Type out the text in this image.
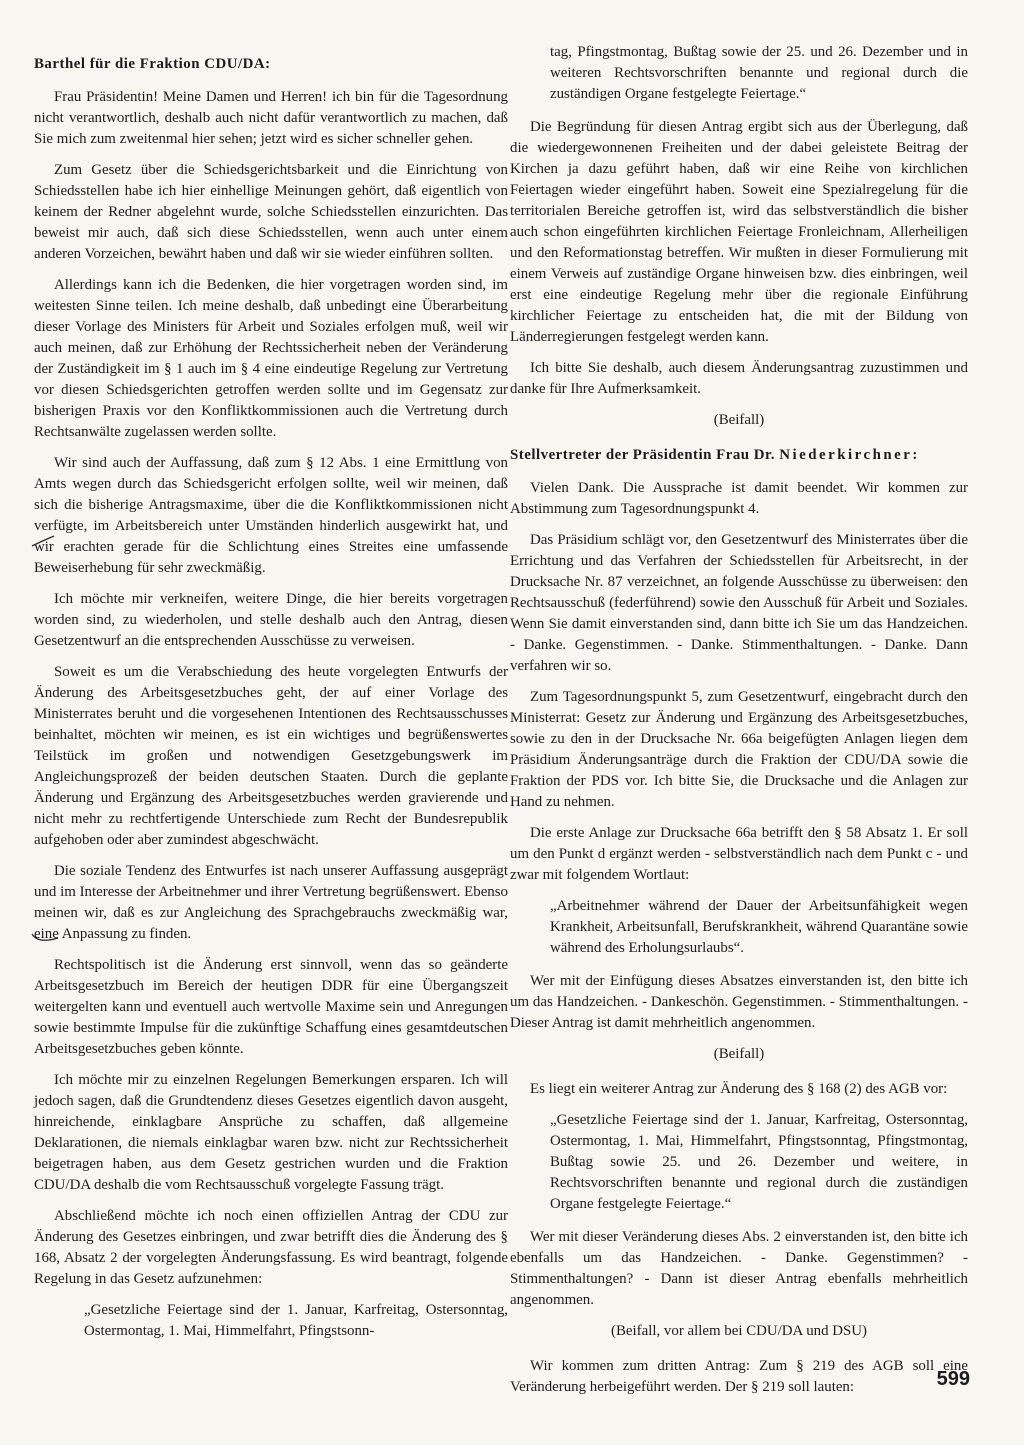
Barthel für die Fraktion CDU/DA:

Frau Präsidentin! Meine Damen und Herren! ich bin für die Tagesordnung nicht verantwortlich, deshalb auch nicht dafür verantwortlich zu machen, daß Sie mich zum zweitenmal hier sehen; jetzt wird es sicher schneller gehen.

Zum Gesetz über die Schiedsgerichtsbarkeit und die Einrichtung von Schiedsstellen habe ich hier einhellige Meinungen gehört, daß eigentlich von keinem der Redner abgelehnt wurde, solche Schiedsstellen einzurichten. Das beweist mir auch, daß sich diese Schiedsstellen, wenn auch unter einem anderen Vorzeichen, bewährt haben und daß wir sie wieder einführen sollten.

Allerdings kann ich die Bedenken, die hier vorgetragen worden sind, im weitesten Sinne teilen. Ich meine deshalb, daß unbedingt eine Überarbeitung dieser Vorlage des Ministers für Arbeit und Soziales erfolgen muß, weil wir auch meinen, daß zur Erhöhung der Rechtssicherheit neben der Veränderung der Zuständigkeit im § 1 auch im § 4 eine eindeutige Regelung zur Vertretung vor diesen Schiedsgerichten getroffen werden sollte und im Gegensatz zur bisherigen Praxis vor den Konfliktkommissionen auch die Vertretung durch Rechtsanwälte zugelassen werden sollte.

Wir sind auch der Auffassung, daß zum § 12 Abs. 1 eine Ermittlung von Amts wegen durch das Schiedsgericht erfolgen sollte, weil wir meinen, daß sich die bisherige Antragsmaxime, über die die Konfliktkommissionen nicht verfügte, im Arbeitsbereich unter Umständen hinderlich ausgewirkt hat, und wir erachten gerade für die Schlichtung eines Streites eine umfassende Beweiserhebung für sehr zweckmäßig.

Ich möchte mir verkneifen, weitere Dinge, die hier bereits vorgetragen worden sind, zu wiederholen, und stelle deshalb auch den Antrag, diesen Gesetzentwurf an die entsprechenden Ausschüsse zu verweisen.

Soweit es um die Verabschiedung des heute vorgelegten Entwurfs der Änderung des Arbeitsgesetzbuches geht, der auf einer Vorlage des Ministerrates beruht und die vorgesehenen Intentionen des Rechtsausschusses beinhaltet, möchten wir meinen, es ist ein wichtiges und begrüßenswertes Teilstück im großen und notwendigen Gesetzgebungswerk im Angleichungsprozeß der beiden deutschen Staaten. Durch die geplante Änderung und Ergänzung des Arbeitsgesetzbuches werden gravierende und nicht mehr zu rechtfertigende Unterschiede zum Recht der Bundesrepublik aufgehoben oder aber zumindest abgeschwächt.

Die soziale Tendenz des Entwurfes ist nach unserer Auffassung ausgeprägt und im Interesse der Arbeitnehmer und ihrer Vertretung begrüßenswert. Ebenso meinen wir, daß es zur Angleichung des Sprachgebrauchs zweckmäßig war, eine Anpassung zu finden.

Rechtspolitisch ist die Änderung erst sinnvoll, wenn das so geänderte Arbeitsgesetzbuch im Bereich der heutigen DDR für eine Übergangszeit weitergelten kann und eventuell auch wertvolle Maxime sein und Anregungen sowie bestimmte Impulse für die zukünftige Schaffung eines gesamtdeutschen Arbeitsgesetzbuches geben könnte.

Ich möchte mir zu einzelnen Regelungen Bemerkungen ersparen. Ich will jedoch sagen, daß die Grundtendenz dieses Gesetzes eigentlich davon ausgeht, hinreichende, einklagbare Ansprüche zu schaffen, daß allgemeine Deklarationen, die niemals einklagbar waren bzw. nicht zur Rechtssicherheit beigetragen haben, aus dem Gesetz gestrichen wurden und die Fraktion CDU/DA deshalb die vom Rechtsausschuß vorgelegte Fassung trägt.

Abschließend möchte ich noch einen offiziellen Antrag der CDU zur Änderung des Gesetzes einbringen, und zwar betrifft dies die Änderung des § 168, Absatz 2 der vorgelegten Änderungsfassung. Es wird beantragt, folgende Regelung in das Gesetz aufzunehmen:

„Gesetzliche Feiertage sind der 1. Januar, Karfreitag, Ostersonntag, Ostermontag, 1. Mai, Himmelfahrt, Pfingstsonn-

tag, Pfingstmontag, Bußtag sowie der 25. und 26. Dezember und in weiteren Rechtsvorschriften benannte und regional durch die zuständigen Organe festgelegte Feiertage.“

Die Begründung für diesen Antrag ergibt sich aus der Überlegung, daß die wiedergewonnenen Freiheiten und der dabei geleistete Beitrag der Kirchen ja dazu geführt haben, daß wir eine Reihe von kirchlichen Feiertagen wieder eingeführt haben. Soweit eine Spezialregelung für die territorialen Bereiche getroffen ist, wird das selbstverständlich die bisher auch schon eingeführten kirchlichen Feiertage Fronleichnam, Allerheiligen und den Reformationstag betreffen. Wir mußten in dieser Formulierung mit einem Verweis auf zuständige Organe hinweisen bzw. dies einbringen, weil erst eine eindeutige Regelung mehr über die regionale Einführung kirchlicher Feiertage zu entscheiden hat, die mit der Bildung von Länderregierungen festgelegt werden kann.

Ich bitte Sie deshalb, auch diesem Änderungsantrag zuzustimmen und danke für Ihre Aufmerksamkeit.

(Beifall)

Stellvertreter der Präsidentin Frau Dr. Niederkirchner:

Vielen Dank. Die Aussprache ist damit beendet. Wir kommen zur Abstimmung zum Tagesordnungspunkt 4.

Das Präsidium schlägt vor, den Gesetzentwurf des Ministerrates über die Errichtung und das Verfahren der Schiedsstellen für Arbeitsrecht, in der Drucksache Nr. 87 verzeichnet, an folgende Ausschüsse zu überweisen: den Rechtsausschuß (federführend) sowie den Ausschuß für Arbeit und Soziales. Wenn Sie damit einverstanden sind, dann bitte ich Sie um das Handzeichen. - Danke. Gegenstimmen. - Danke. Stimmenthaltungen. - Danke. Dann verfahren wir so.

Zum Tagesordnungspunkt 5, zum Gesetzentwurf, eingebracht durch den Ministerrat: Gesetz zur Änderung und Ergänzung des Arbeitsgesetzbuches, sowie zu den in der Drucksache Nr. 66a beigefügten Anlagen liegen dem Präsidium Änderungsanträge durch die Fraktion der CDU/DA sowie die Fraktion der PDS vor. Ich bitte Sie, die Drucksache und die Anlagen zur Hand zu nehmen.

Die erste Anlage zur Drucksache 66a betrifft den § 58 Absatz 1. Er soll um den Punkt d ergänzt werden - selbstverständlich nach dem Punkt c - und zwar mit folgendem Wortlaut:

„Arbeitnehmer während der Dauer der Arbeitsunfähigkeit wegen Krankheit, Arbeitsunfall, Berufskrankheit, während Quarantäne sowie während des Erholungsurlaubs“.

Wer mit der Einfügung dieses Absatzes einverstanden ist, den bitte ich um das Handzeichen. - Dankeschön. Gegenstimmen. - Stimmenthaltungen. - Dieser Antrag ist damit mehrheitlich angenommen.

(Beifall)

Es liegt ein weiterer Antrag zur Änderung des § 168 (2) des AGB vor:

„Gesetzliche Feiertage sind der 1. Januar, Karfreitag, Ostersonntag, Ostermontag, 1. Mai, Himmelfahrt, Pfingstsonntag, Pfingstmontag, Bußtag sowie 25. und 26. Dezember und weitere, in Rechtsvorschriften benannte und regional durch die zuständigen Organe festgelegte Feiertage.“

Wer mit dieser Veränderung dieses Abs. 2 einverstanden ist, den bitte ich ebenfalls um das Handzeichen. - Danke. Gegenstimmen? - Stimmenthaltungen? - Dann ist dieser Antrag ebenfalls mehrheitlich angenommen.

(Beifall, vor allem bei CDU/DA und DSU)

Wir kommen zum dritten Antrag: Zum § 219 des AGB soll eine Veränderung herbeigeführt werden. Der § 219 soll lauten:	599
